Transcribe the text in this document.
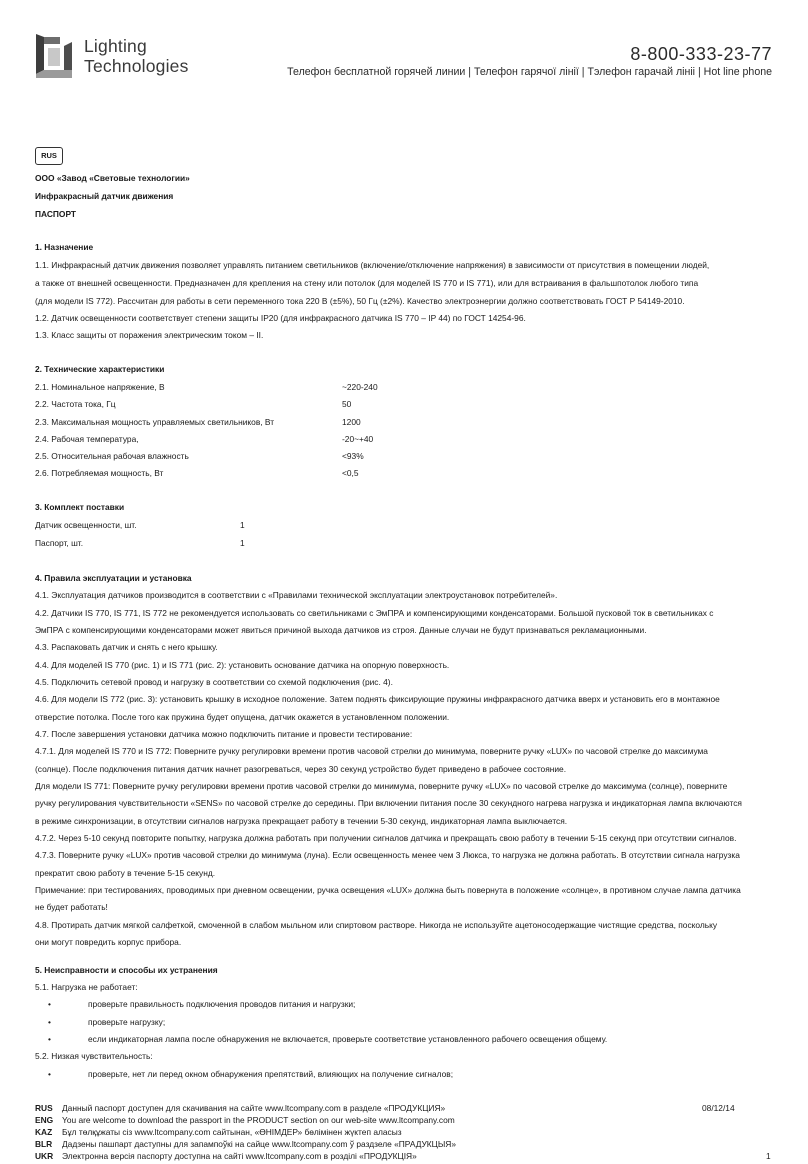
Lighting
Technologies
8-800-333-23-77
Телефон бесплатной горячей линии | Телефон гарячої лінії | Тэлефон гарачай лініі | Hot line phone
RUS
ООО «Завод «Световые технологии»
Инфракрасный датчик движения
ПАСПОРТ
1. Назначение
1.1. Инфракрасный датчик движения позволяет управлять питанием светильников (включение/отключение напряжения) в зависимости от присутствия в помещении людей,
а также от внешней освещенности. Предназначен для крепления на стену или потолок (для моделей IS 770 и IS 771), или для встраивания в фальшпотолок любого типа
(для модели IS 772). Рассчитан для работы в сети переменного тока 220 В (±5%), 50 Гц (±2%). Качество электроэнергии должно соответствовать ГОСТ Р 54149-2010.
1.2. Датчик освещенности соответствует степени защиты IP20 (для инфракрасного датчика IS 770 – IP 44) по ГОСТ 14254-96.
1.3. Класс защиты от поражения электрическим током – II.
2. Технические характеристики
2.1. Номинальное напряжение, В	~220-240
2.2. Частота тока, Гц	50
2.3. Максимальная мощность управляемых светильников, Вт	1200
2.4. Рабочая температура,	-20~+40
2.5. Относительная рабочая влажность	<93%
2.6. Потребляемая мощность, Вт	<0,5
3. Комплект поставки
Датчик освещенности, шт.	1
Паспорт, шт.	1
4. Правила эксплуатации и установка
4.1. Эксплуатация датчиков производится в соответствии с «Правилами технической эксплуатации электроустановок потребителей».
4.2. Датчики IS 770, IS 771, IS 772 не рекомендуется использовать со светильниками с ЭмПРА и компенсирующими конденсаторами. Большой пусковой ток в светильниках с
ЭмПРА с компенсирующими конденсаторами может явиться причиной выхода датчиков из строя. Данные случаи не будут признаваться рекламационными.
4.3. Распаковать датчик и снять с него крышку.
4.4. Для моделей IS 770 (рис. 1) и IS 771 (рис. 2): установить основание датчика на опорную поверхность.
4.5. Подключить сетевой провод и нагрузку в соответствии со схемой подключения (рис. 4).
4.6. Для модели IS 772 (рис. 3): установить крышку в исходное положение. Затем поднять фиксирующие пружины инфракрасного датчика вверх и установить его в монтажное
отверстие потолка. После того как пружина будет опущена, датчик окажется в установленном положении.
4.7. После завершения установки датчика можно подключить питание и провести тестирование:
4.7.1. Для моделей IS 770 и IS 772: Поверните ручку регулировки времени против часовой стрелки до минимума, поверните ручку «LUX» по часовой стрелке до максимума
(солнце). После подключения питания датчик начнет разогреваться, через 30 секунд устройство будет приведено в рабочее состояние.
Для модели IS 771: Поверните ручку регулировки времени против часовой стрелки до минимума, поверните ручку «LUX» по часовой стрелке до максимума (солнце), поверните
ручку регулирования чувствительности «SENS» по часовой стрелке до середины. При включении питания после 30 секундного нагрева нагрузка и индикаторная лампа включаются
в режиме синхронизации, в отсутствии сигналов нагрузка прекращает работу в течении 5-30 секунд, индикаторная лампа выключается.
4.7.2. Через 5-10 секунд повторите попытку, нагрузка должна работать при получении сигналов датчика и прекращать свою работу в течении 5-15 секунд при отсутствии сигналов.
4.7.3. Поверните ручку «LUX» против часовой стрелки до минимума (луна). Если освещенность менее чем 3 Люкса, то нагрузка не должна работать. В отсутствии сигнала нагрузка
прекратит свою работу в течение 5-15 секунд.
Примечание: при тестированиях, проводимых при дневном освещении, ручка освещения «LUX» должна быть повернута в положение «солнце», в противном случае лампа датчика
не будет работать!
4.8. Протирать датчик мягкой салфеткой, смоченной в слабом мыльном или спиртовом растворе. Никогда не используйте ацетоносодержащие чистящие средства, поскольку
они могут повредить корпус прибора.
5. Неисправности и способы их устранения
5.1. Нагрузка не работает:
•	проверьте правильность подключения проводов питания и нагрузки;
•	проверьте нагрузку;
•	если индикаторная лампа после обнаружения не включается, проверьте соответствие установленного рабочего освещения общему.
5.2. Низкая чувствительность:
•	проверьте, нет ли перед окном обнаружения препятствий, влияющих на получение сигналов;
RUS Данный паспорт доступен для скачивания на сайте www.ltcompany.com в разделе «ПРОДУКЦИЯ»
ENG You are welcome to download the passport in the PRODUCT section on our web-site www.ltcompany.com
KAZ Бұл төлқұжаты сіз www.ltcompany.com сайтынан, «ӨНІМДЕР» бөлімінен жүктеп аласыз
BLR Дадзены пашпарт даступны для запампоўкі на сайце www.ltcompany.com ў раздзеле «ПРАДУКЦЫЯ»
UKR Электронна версія паспорту доступна на сайті www.ltcompany.com в розділі «ПРОДУКЦІЯ»
08/12/14
1
